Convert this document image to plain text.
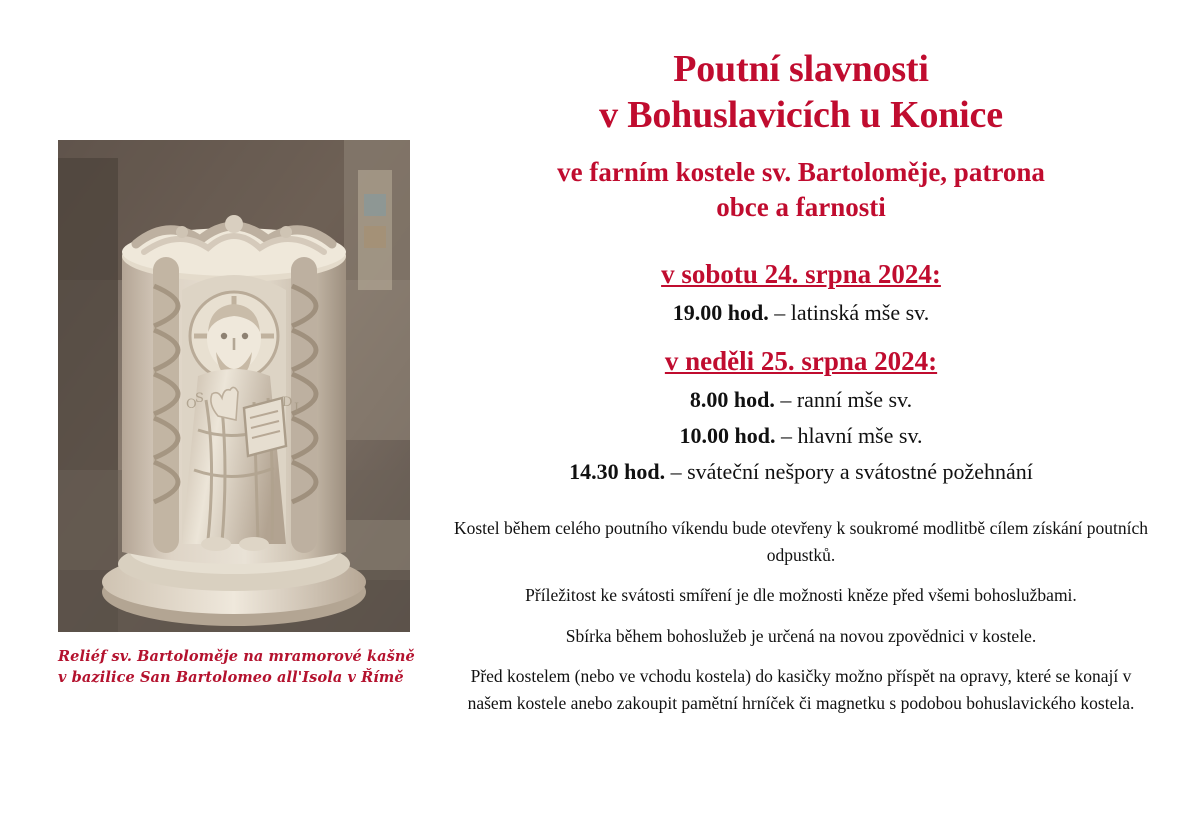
O
S	D I
Reliéf sv. Bartoloměje na mramorové kašně
v bazilice San Bartolomeo all'Isola v Římě
Poutní slavnosti
v Bohuslavicích u Konice
ve farním kostele sv. Bartoloměje, patrona
obce a farnosti
v sobotu 24. srpna 2024:
19.00 hod. – latinská mše sv.
v neděli 25. srpna 2024:
8.00 hod. – ranní mše sv.
10.00 hod. – hlavní mše sv.
14.30 hod. – sváteční nešpory a svátostné požehnání

Kostel během celého poutního víkendu bude otevřeny k soukromé modlitbě cílem získání poutních odpustků.

Příležitost ke svátosti smíření je dle možnosti kněze před všemi bohoslužbami.

Sbírka během bohoslužeb je určená na novou zpovědnici v kostele.

Před kostelem (nebo ve vchodu kostela) do kasičky možno příspět na opravy, které se konají v našem kostele anebo zakoupit pamětní hrníček či magnetku s podobou bohuslavického kostela.
